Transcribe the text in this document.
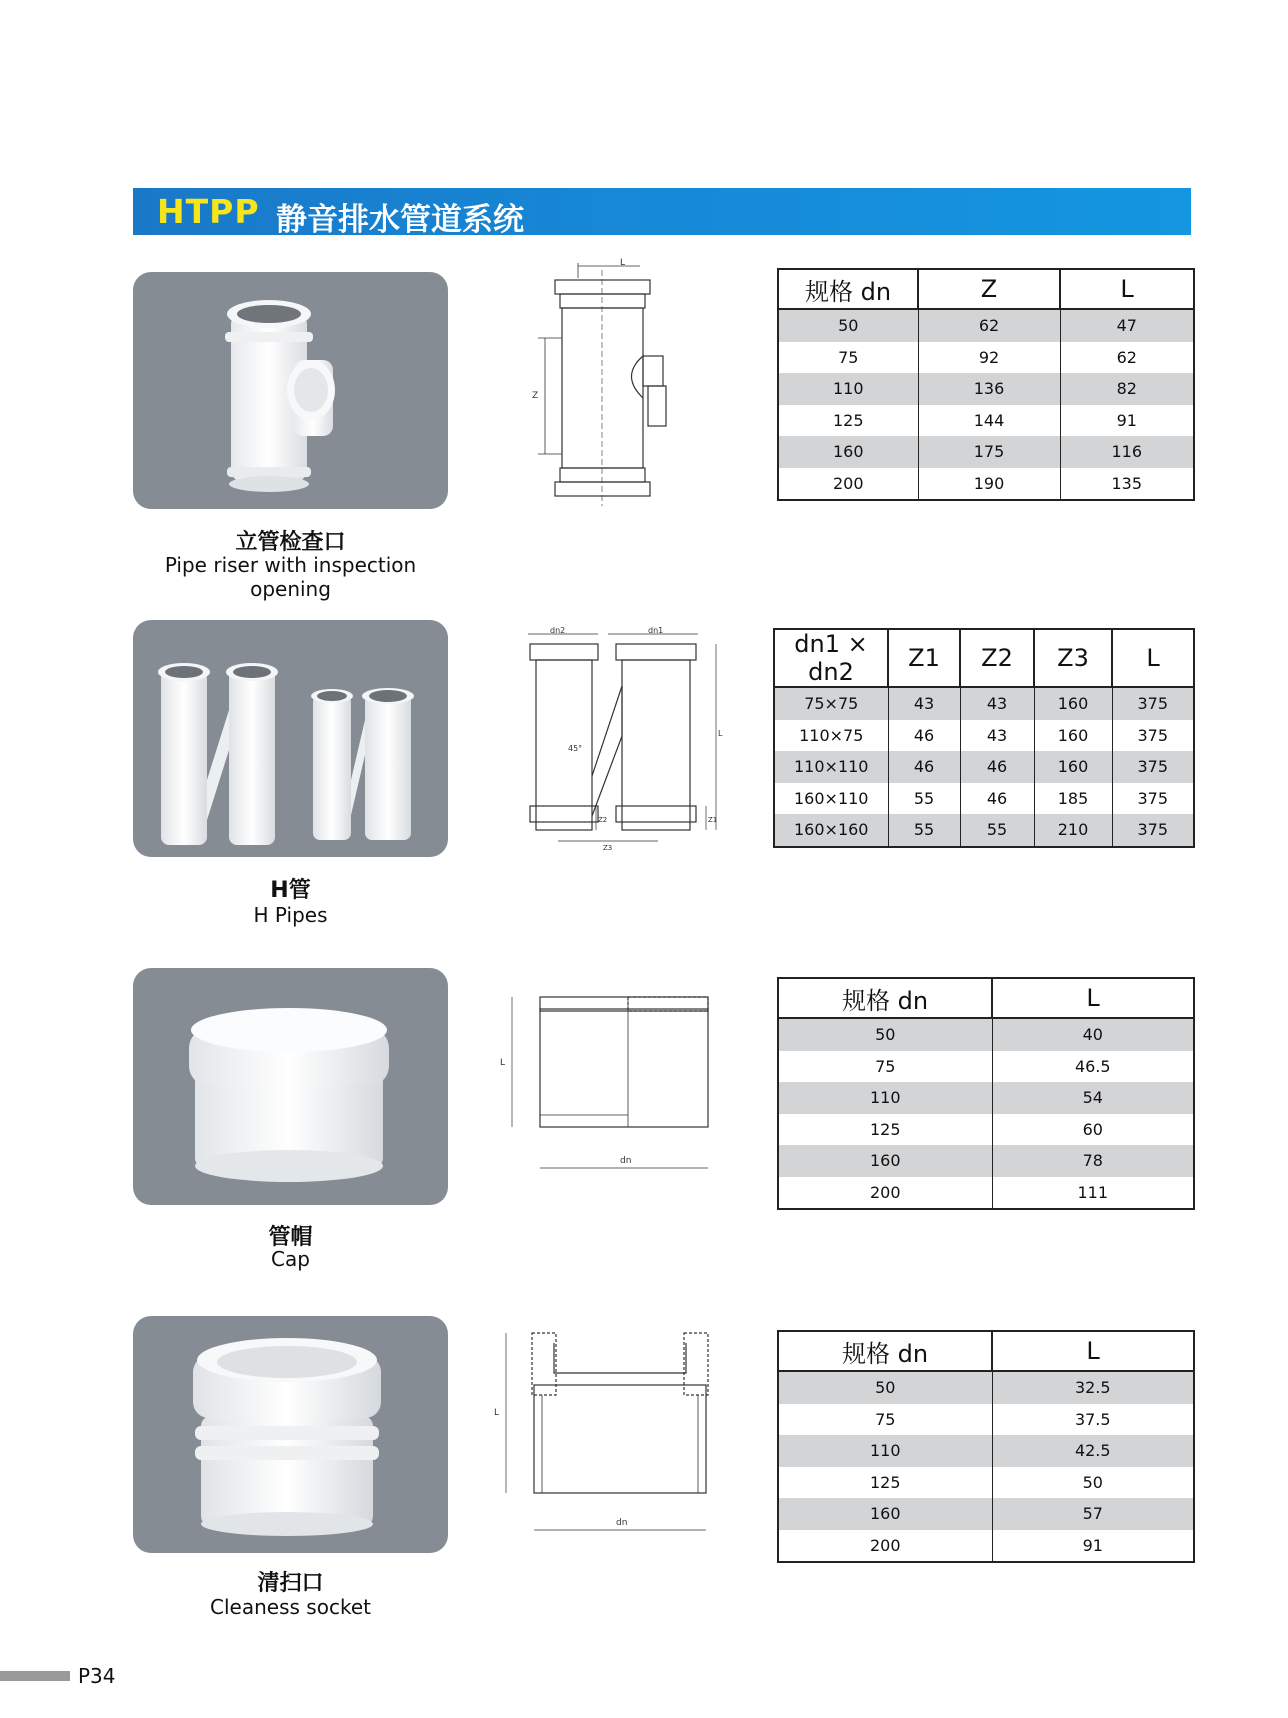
HTPP 静音排水管道系统
立管检查口
Pipe riser with inspection opening
L
Z
规格 dn	Z	L
50	62	47
75	92	62
110	136	82
125	144	91
160	175	116
200	190	135
H管
H Pipes
dn2	dn1
45°
L
Z1
Z2
Z3
dn1 × dn2	Z1	Z2	Z3	L
75×75	43	43	160	375
110×75	46	43	160	375
110×110	46	46	160	375
160×110	55	46	185	375
160×160	55	55	210	375
管帽
Cap
L
dn
规格 dn	L
50	40
75	46.5
110	54
125	60
160	78
200	111
清扫口
Cleaness socket
L
dn
规格 dn	L
50	32.5
75	37.5
110	42.5
125	50
160	57
200	91
P34
